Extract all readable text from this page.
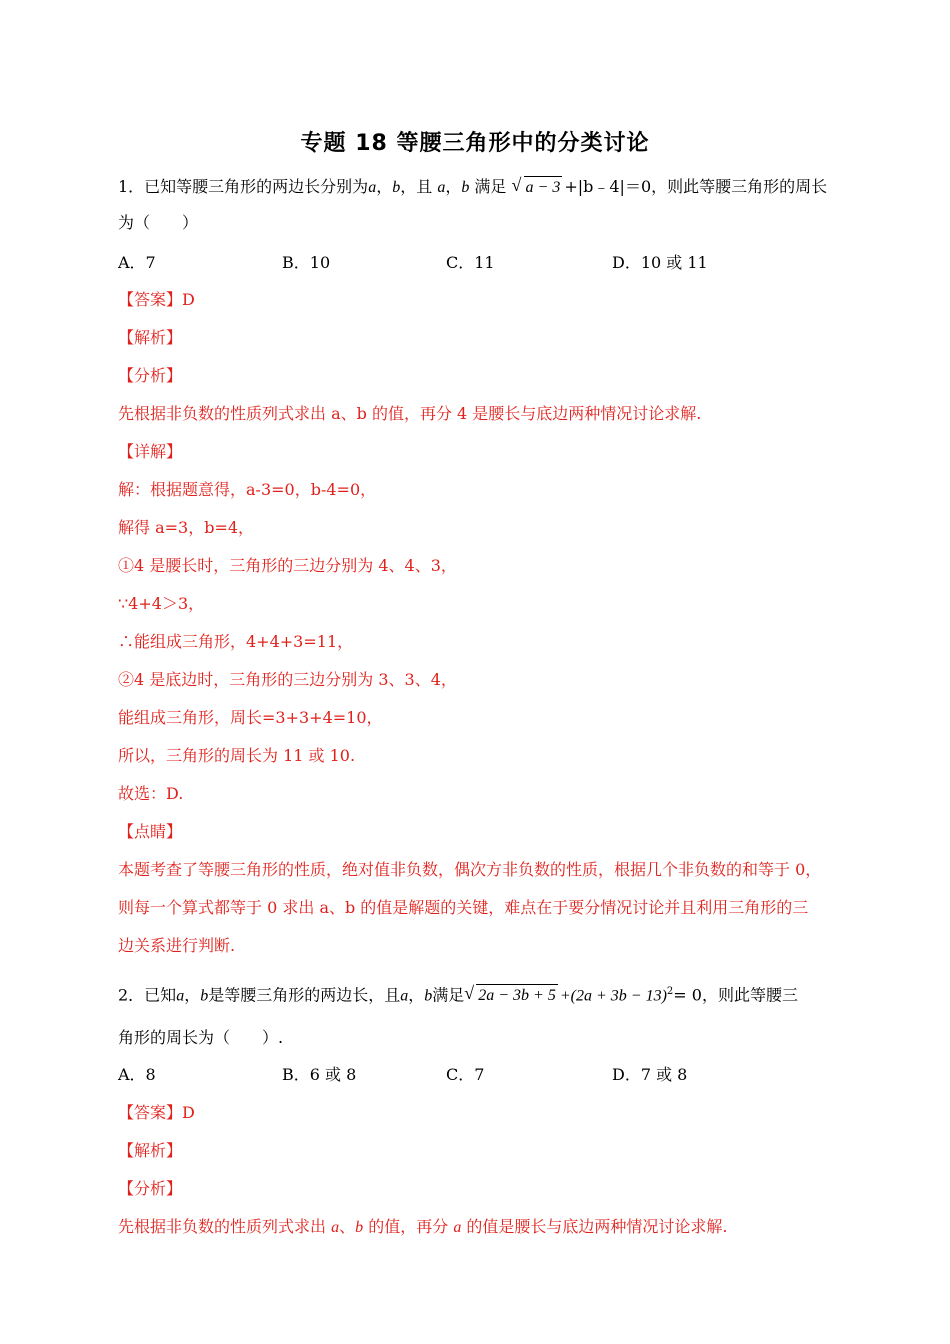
专题 18 等腰三角形中的分类讨论
1．已知等腰三角形的两边长分别为a，b，且 a，b 满足 √ a − 3 +|b﹣4|＝0，则此等腰三角形的周长
为（　　）
A．7	B．10	C．11	D．10 或 11
【答案】D
【解析】
【分析】
先根据非负数的性质列式求出 a、b 的值，再分 4 是腰长与底边两种情况讨论求解.
【详解】
解：根据题意得，a-3=0，b-4=0，
解得 a=3，b=4，
①4 是腰长时，三角形的三边分别为 4、4、3，
∵4+4＞3，
∴能组成三角形，4+4+3=11，
②4 是底边时，三角形的三边分别为 3、3、4，
能组成三角形，周长=3+3+4=10，
所以，三角形的周长为 11 或 10.
故选：D.
【点睛】
本题考查了等腰三角形的性质，绝对值非负数，偶次方非负数的性质，根据几个非负数的和等于 0，
则每一个算式都等于 0 求出 a、b 的值是解题的关键，难点在于要分情况讨论并且利用三角形的三
边关系进行判断.
2．已知a，b是等腰三角形的两边长，且a，b满足 √ $2a - 3b + 5 +(2a + 3b - 13)^2= 0$，则此等腰三
角形的周长为（　　）.
A．8	B．6 或 8	C．7	D．7 或 8
【答案】D
【解析】
【分析】
先根据非负数的性质列式求出 a、b 的值，再分 a 的值是腰长与底边两种情况讨论求解.
